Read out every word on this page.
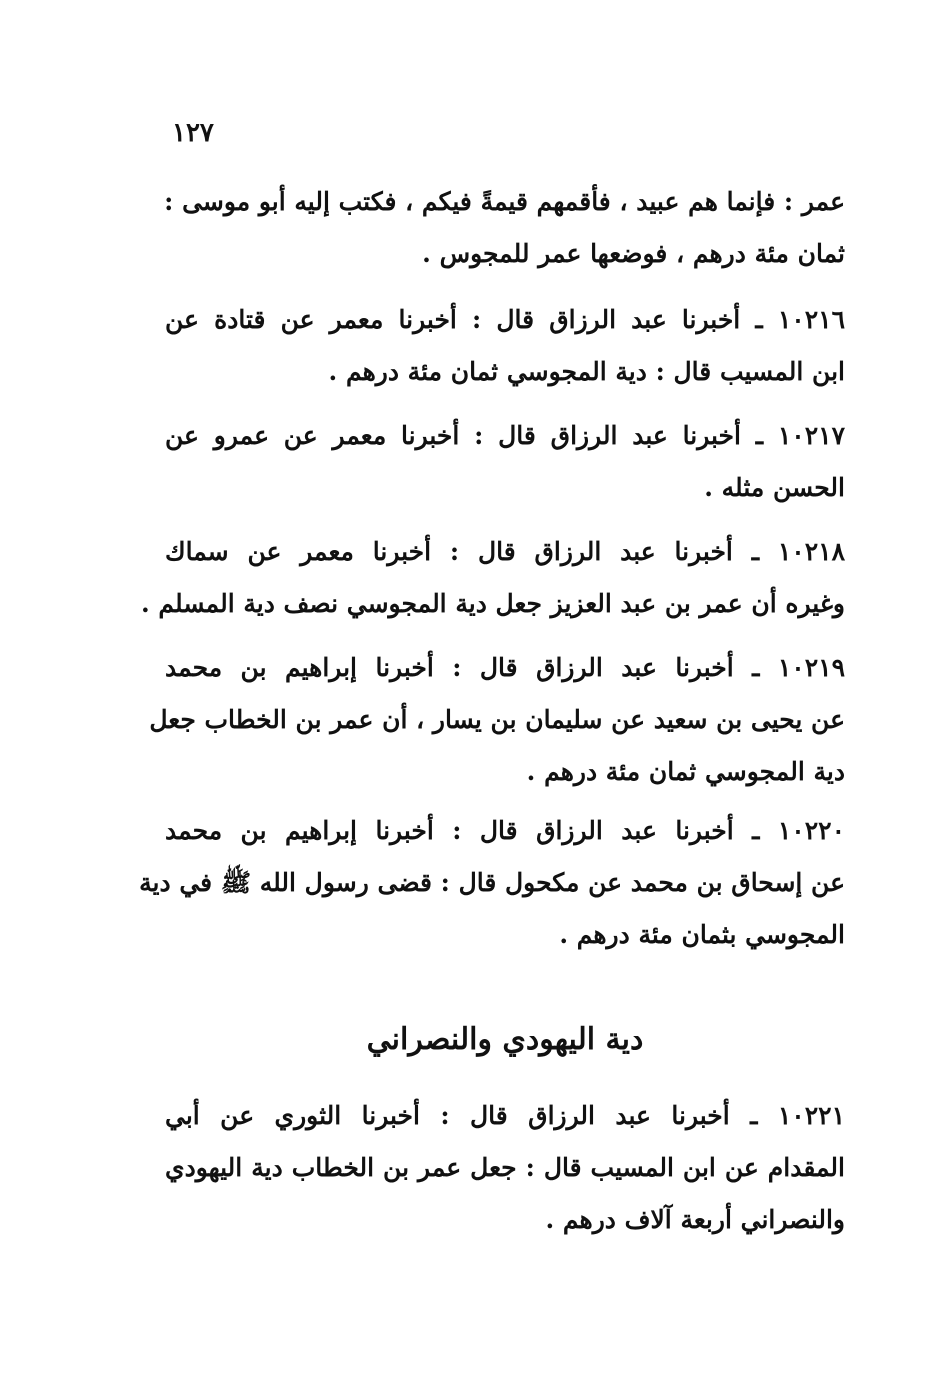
١٢٧

عمر : فإنما هم عبيد ، فأقمهم قيمةً فيكم ، فكتب إليه أبو موسى :

ثمان مئة درهم ، فوضعها عمر للمجوس .

١٠٢١٦ ـ أخبرنا عبد الرزاق قال : أخبرنا معمر عن قتادة عن

ابن المسيب قال : دية المجوسي ثمان مئة درهم .

١٠٢١٧ ـ أخبرنا عبد الرزاق قال : أخبرنا معمر عن عمرو عن

الحسن مثله .

١٠٢١٨ ـ أخبرنا عبد الرزاق قال : أخبرنا معمر عن سماك

وغيره أن عمر بن عبد العزيز جعل دية المجوسي نصف دية المسلم .

١٠٢١٩ ـ أخبرنا عبد الرزاق قال : أخبرنا إبراهيم بن محمد

عن يحيى بن سعيد عن سليمان بن يسار ، أن عمر بن الخطاب جعل

دية المجوسي ثمان مئة درهم .

١٠٢٢٠ ـ أخبرنا عبد الرزاق قال : أخبرنا إبراهيم بن محمد

عن إسحاق بن محمد عن مكحول قال : قضى رسول الله ﷺ في دية

المجوسي بثمان مئة درهم .

دية اليهودي والنصراني

١٠٢٢١ ـ أخبرنا عبد الرزاق قال : أخبرنا الثوري عن أبي

المقدام عن ابن المسيب قال : جعل عمر بن الخطاب دية اليهودي

والنصراني أربعة آلاف درهم .
